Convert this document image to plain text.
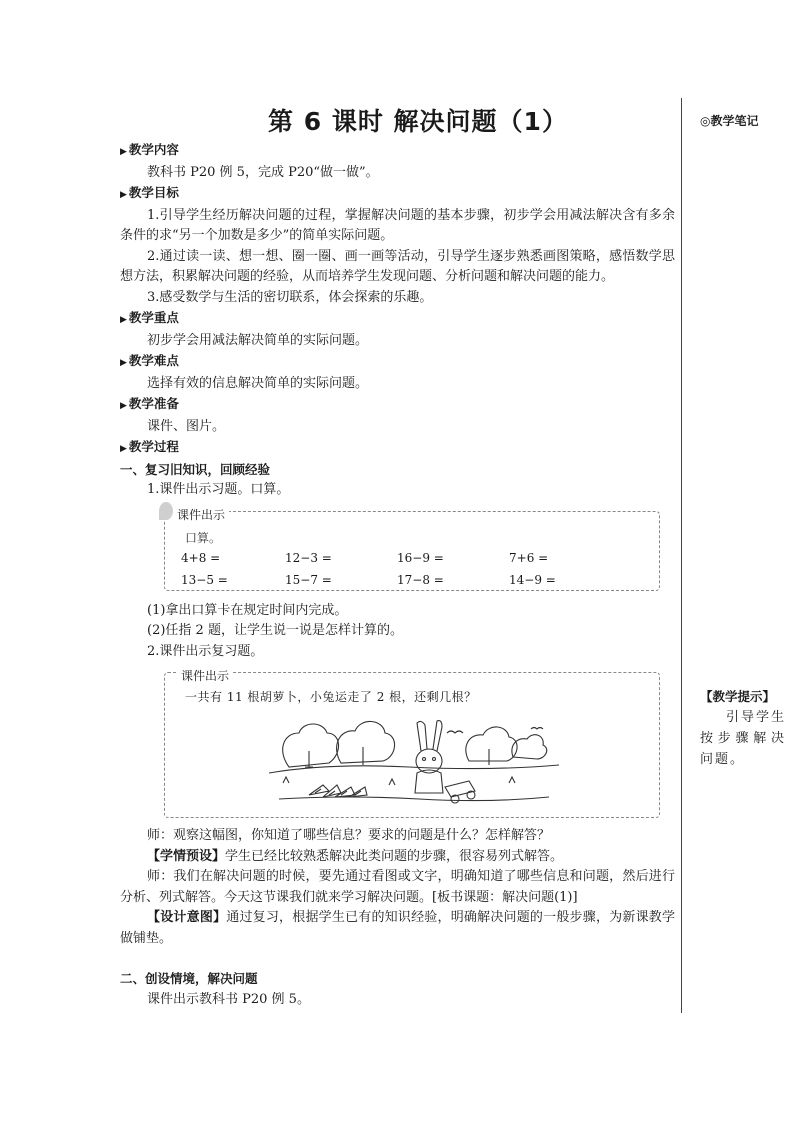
第 6 课时 解决问题（1）	◎教学笔记
▶ 教学内容
教科书 P20 例 5，完成 P20“做一做”。
▶ 教学目标
1.引导学生经历解决问题的过程，掌握解决问题的基本步骤，初步学会用减法解决含有多余条件的求“另一个加数是多少”的简单实际问题。
2.通过读一读、想一想、圈一圈、画一画等活动，引导学生逐步熟悉画图策略，感悟数学思想方法，积累解决问题的经验，从而培养学生发现问题、分析问题和解决问题的能力。
3.感受数学与生活的密切联系，体会探索的乐趣。
▶ 教学重点
初步学会用减法解决简单的实际问题。
▶ 教学难点
选择有效的信息解决简单的实际问题。
▶ 教学准备
课件、图片。
▶ 教学过程
一、复习旧知识，回顾经验
1.课件出示习题。口算。
课件出示
口算。
4+8 =	12−3 =	16−9 =	7+6 =
13−5 =	15−7 =	17−8 =	14−9 =
(1)拿出口算卡在规定时间内完成。
(2)任指 2 题，让学生说一说是怎样计算的。
2.课件出示复习题。
课件出示
一共有 11 根胡萝卜，小兔运走了 2 根，还剩几根？
师：观察这幅图，你知道了哪些信息？要求的问题是什么？怎样解答？
【学情预设】学生已经比较熟悉解决此类问题的步骤，很容易列式解答。
师：我们在解决问题的时候，要先通过看图或文字，明确知道了哪些信息和问题，然后进行分析、列式解答。今天这节课我们就来学习解决问题。[板书课题：解决问题(1)]
【设计意图】通过复习，根据学生已有的知识经验，明确解决问题的一般步骤，为新课教学做铺垫。
二、创设情境，解决问题
课件出示教科书 P20 例 5。
【教学提示】
引导学生按步骤解决问题。
